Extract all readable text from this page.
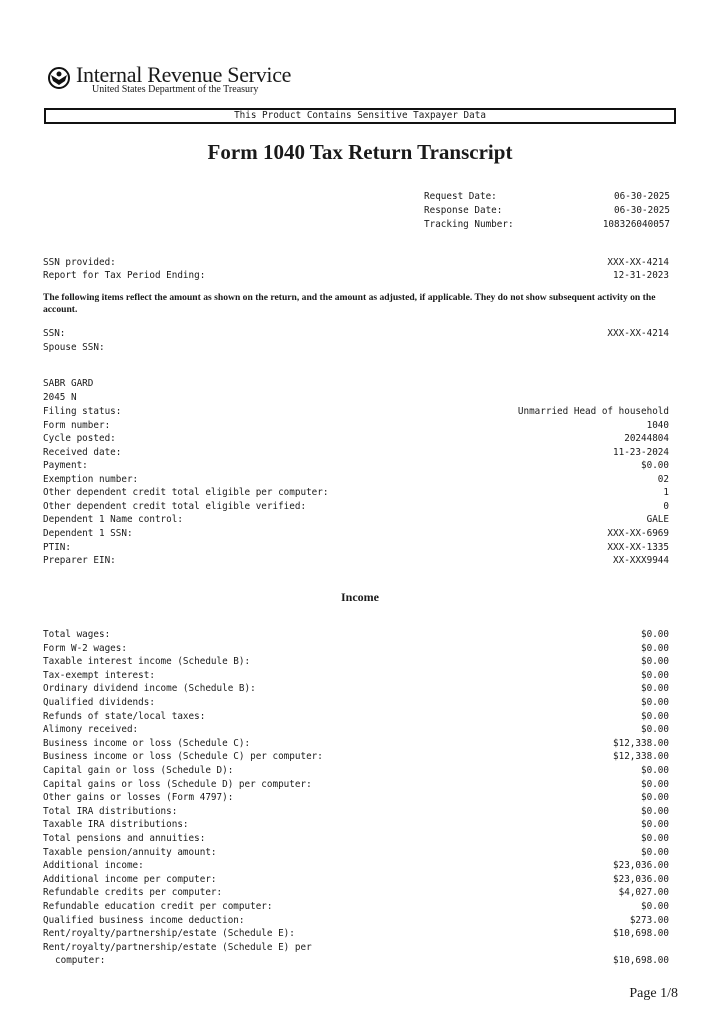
Internal Revenue Service
United States Department of the Treasury
This Product Contains Sensitive Taxpayer Data
Form 1040 Tax Return Transcript
Request Date:	06-30-2025
Response Date:	06-30-2025
Tracking Number:	108326040057
SSN provided:	XXX-XX-4214
Report for Tax Period Ending:	12-31-2023
The following items reflect the amount as shown on the return, and the amount as adjusted, if applicable. They do not show subsequent activity on the account.
SSN:	XXX-XX-4214
Spouse SSN:
SABR GARD
2045 N
Filing status:	Unmarried Head of household
Form number:	1040
Cycle posted:	20244804
Received date:	11-23-2024
Payment:	$0.00
Exemption number:	02
Other dependent credit total eligible per computer:	1
Other dependent credit total eligible verified:	0
Dependent 1 Name control:	GALE
Dependent 1 SSN:	XXX-XX-6969
PTIN:	XXX-XX-1335
Preparer EIN:	XX-XXX9944
Income
Total wages:	$0.00
Form W-2 wages:	$0.00
Taxable interest income (Schedule B):	$0.00
Tax-exempt interest:	$0.00
Ordinary dividend income (Schedule B):	$0.00
Qualified dividends:	$0.00
Refunds of state/local taxes:	$0.00
Alimony received:	$0.00
Business income or loss (Schedule C):	$12,338.00
Business income or loss (Schedule C) per computer:	$12,338.00
Capital gain or loss (Schedule D):	$0.00
Capital gains or loss (Schedule D) per computer:	$0.00
Other gains or losses (Form 4797):	$0.00
Total IRA distributions:	$0.00
Taxable IRA distributions:	$0.00
Total pensions and annuities:	$0.00
Taxable pension/annuity amount:	$0.00
Additional income:	$23,036.00
Additional income per computer:	$23,036.00
Refundable credits per computer:	$4,027.00
Refundable education credit per computer:	$0.00
Qualified business income deduction:	$273.00
Rent/royalty/partnership/estate (Schedule E):	$10,698.00
Rent/royalty/partnership/estate (Schedule E) per
computer:	$10,698.00
Page 1/8
